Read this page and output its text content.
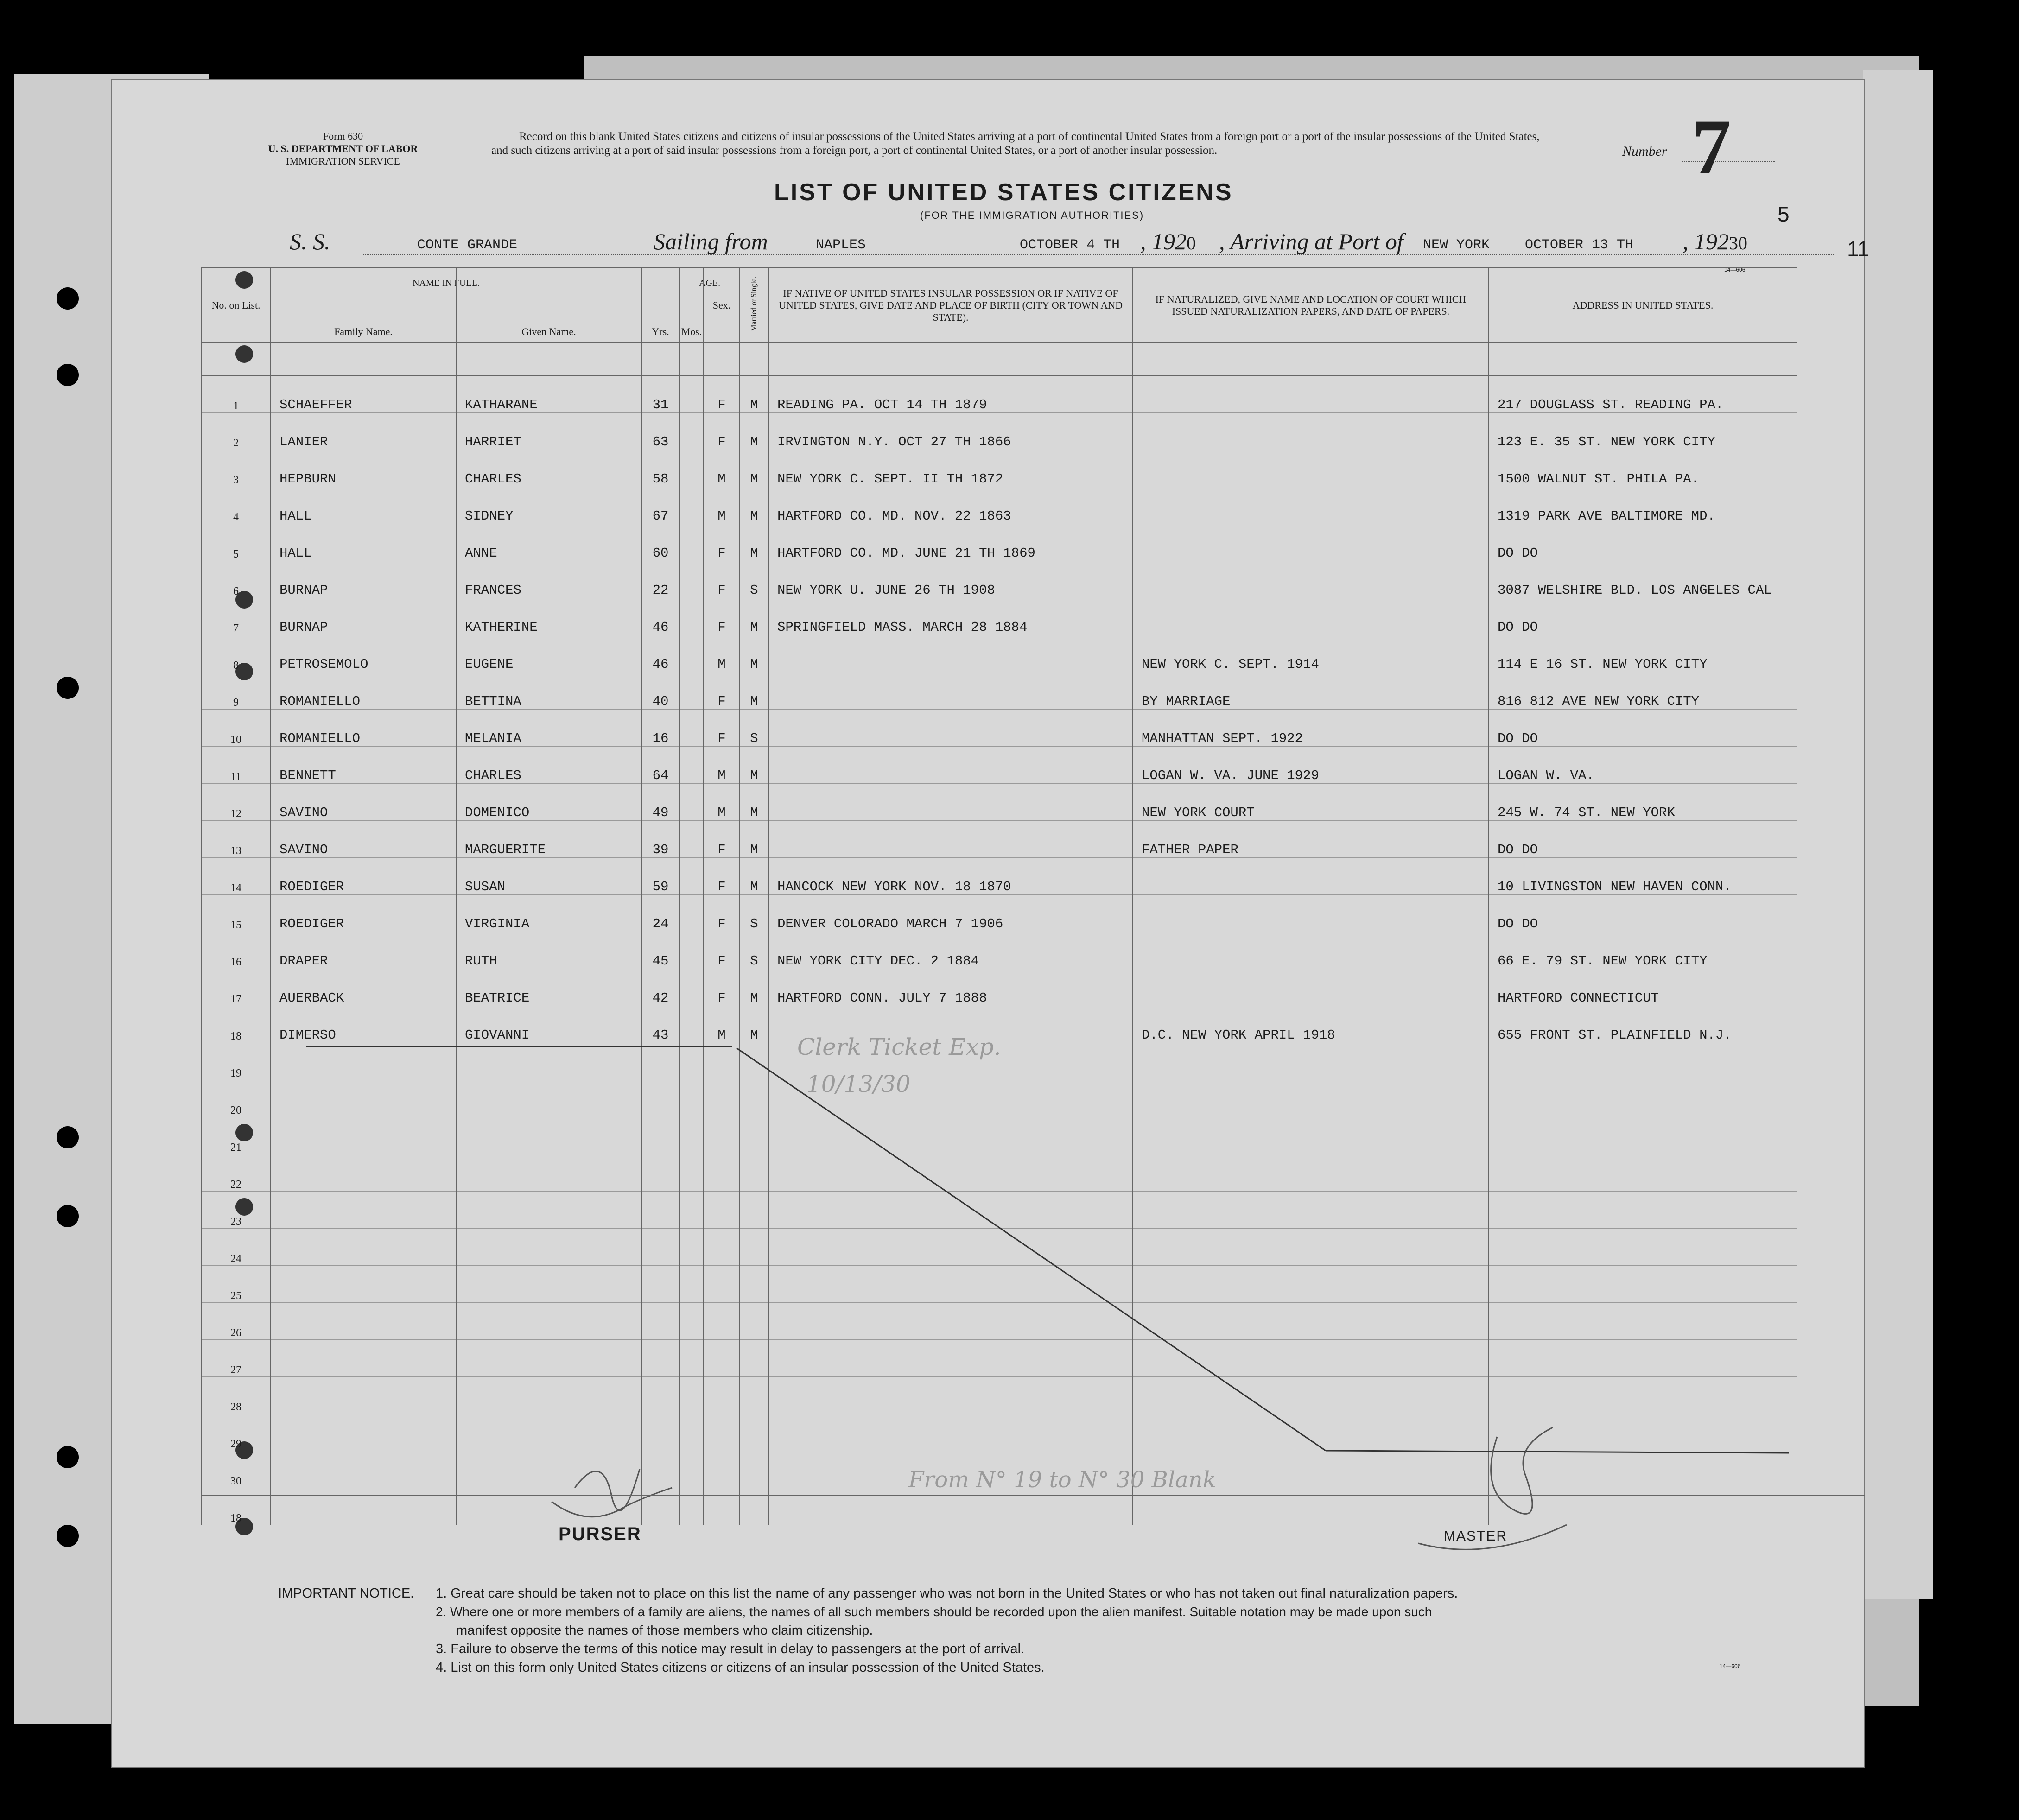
Form 630
U. S. DEPARTMENT OF LABOR
IMMIGRATION SERVICE
Record on this blank United States citizens and citizens of insular possessions of the United States arriving at a port of continental United States from a foreign port or a port of the insular possessions of the United States, and such citizens arriving at a port of said insular possessions from a foreign port, a port of continental United States, or a port of another insular possession.	Number 7
5
11
LIST OF UNITED STATES CITIZENS
(FOR THE IMMIGRATION AUTHORITIES)
S. S.	CONTE GRANDE	Sailing from	NAPLES	OCTOBER 4 TH , 1920 , Arriving at Port of NEW YORK	OCTOBER 13 TH , 19230
14—606
NAME IN FULL.	AGE.
No. on List.	Family Name.	Given Name.	Yrs.	Mos.	Sex.	Married or Single.	IF NATIVE OF UNITED STATES INSULAR POSSESSION OR IF NATIVE OF UNITED STATES, GIVE DATE AND PLACE OF BIRTH (CITY OR TOWN AND STATE).	IF NATURALIZED, GIVE NAME AND LOCATION OF COURT WHICH ISSUED NATURALIZATION PAPERS, AND DATE OF PAPERS.	ADDRESS IN UNITED STATES.

1	SCHAEFFER	KATHARANE	31		F	M	READING PA. OCT 14 TH 1879		217 DOUGLASS ST. READING PA.
2	LANIER	HARRIET	63		F	M	IRVINGTON N.Y. OCT 27 TH 1866		123 E. 35 ST. NEW YORK CITY
3	HEPBURN	CHARLES	58		M	M	NEW YORK C. SEPT. II TH 1872		1500 WALNUT ST. PHILA PA.
4	HALL	SIDNEY	67		M	M	HARTFORD CO. MD. NOV. 22 1863		1319 PARK AVE BALTIMORE MD.
5	HALL	ANNE	60		F	M	HARTFORD CO. MD. JUNE 21 TH 1869		DO DO
6	BURNAP	FRANCES	22		F	S	NEW YORK U. JUNE 26 TH 1908		3087 WELSHIRE BLD. LOS ANGELES CAL
7	BURNAP	KATHERINE	46		F	M	SPRINGFIELD MASS. MARCH 28 1884		DO DO
8	PETROSEMOLO	EUGENE	46		M	M		NEW YORK C. SEPT. 1914	114 E 16 ST. NEW YORK CITY
9	ROMANIELLO	BETTINA	40		F	M		BY MARRIAGE	816 812 AVE NEW YORK CITY
10	ROMANIELLO	MELANIA	16		F	S		MANHATTAN SEPT. 1922	DO DO
11	BENNETT	CHARLES	64		M	M		LOGAN W. VA. JUNE 1929	LOGAN W. VA.
12	SAVINO	DOMENICO	49		M	M		NEW YORK COURT	245 W. 74 ST. NEW YORK
13	SAVINO	MARGUERITE	39		F	M		FATHER PAPER	DO DO
14	ROEDIGER	SUSAN	59		F	M	HANCOCK NEW YORK NOV. 18 1870		10 LIVINGSTON NEW HAVEN CONN.
15	ROEDIGER	VIRGINIA	24		F	S	DENVER COLORADO MARCH 7 1906		DO DO
16	DRAPER	RUTH	45		F	S	NEW YORK CITY DEC. 2 1884		66 E. 79 ST. NEW YORK CITY
17	AUERBACK	BEATRICE	42		F	M	HARTFORD CONN. JULY 7 1888		HARTFORD CONNECTICUT
18	DIMERSO	GIOVANNI	43		M	M		D.C. NEW YORK APRIL 1918	655 FRONT ST. PLAINFIELD N.J.
19									
20									
21									
22									
23									
24									
25									
26									
27									
28									
29									
30									
18									
From N° 19 to N° 30 Blank
Clerk Ticket Exp.
10/13/30
PURSER	MASTER
IMPORTANT NOTICE. 1. Great care should be taken not to place on this list the name of any passenger who was not born in the United States or who has not taken out final naturalization papers.
2. Where one or more members of a family are aliens, the names of all such members should be recorded upon the alien manifest. Suitable notation may be made upon such
manifest opposite the names of those members who claim citizenship.
3. Failure to observe the terms of this notice may result in delay to passengers at the port of arrival.
4. List on this form only United States citizens or citizens of an insular possession of the United States.	14—606
